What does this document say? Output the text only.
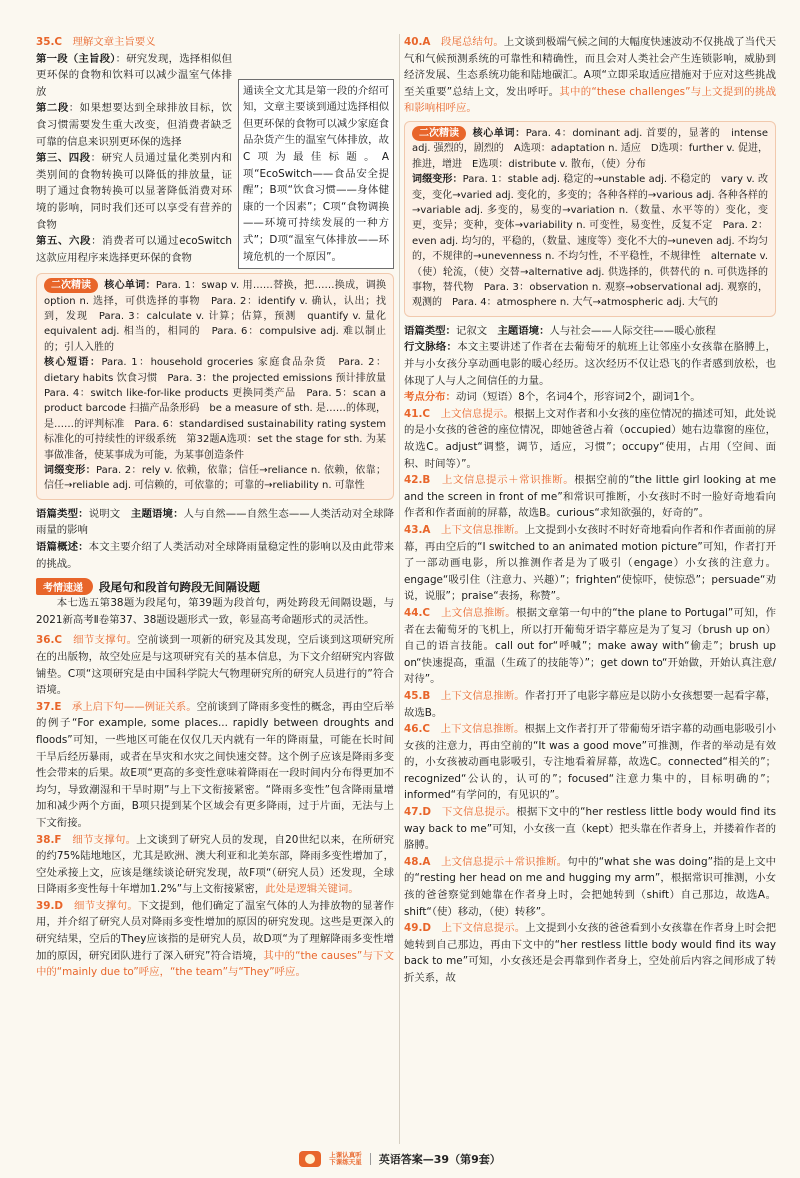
35.C　 理解文章主旨要义

第一段（主旨段）：研究发现，选择相似但更环保的食物和饮料可以减少温室气体排放

第二段：如果想要达到全球排放目标，饮食习惯需要发生重大改变，但消费者缺乏可靠的信息来识别更环保的选择

第三、四段：研究人员通过量化类别内和类别间的食物转换可以降低的排放量，证明了通过食物转换可以显著降低消费对环境的影响，同时我们还可以享受有营养的食物

第五、六段：消费者可以通过ecoSwitch这款应用程序来选择更环保的食物

通读全文尤其是第一段的介绍可知，文章主要谈到通过选择相似但更环保的食物可以减少家庭食品杂货产生的温室气体排放，故C项为最佳标题。A项“EcoSwitch——食品安全提醒”；B项“饮食习惯——身体健康的一个因素”；C项“食物调换——环境可持续发展的一种方式”；D项“温室气体排放——环境危机的一个原因”。

二次精读 核心单词：Para. 1：swap v. 用……替换，把……换成，调换　option n. 选择，可供选择的事物　Para. 2：identify v. 确认，认出；找到，发现　Para. 3：calculate v. 计算；估算，预测　quantify v. 量化　equivalent adj. 相当的，相同的　Para. 6：compulsive adj. 难以制止的；引人入胜的

核心短语：Para. 1：household groceries 家庭食品杂货　Para. 2：dietary habits 饮食习惯　Para. 3：the projected emissions 预计排放量　Para. 4：switch like-for-like products 更换同类产品　Para. 5：scan a product barcode 扫描产品条形码　be a measure of sth. 是……的体现，是……的评判标准　Para. 6：standardised sustainability rating system 标准化的可持续性的评级系统　第32题A选项：set the stage for sth. 为某事做准备，使某事成为可能，为某事创造条件

词缀变形：Para. 2：rely v. 依赖，依靠；信任→reliance n. 依赖，依靠；信任→reliable adj. 可信赖的，可依靠的；可靠的→reliability n. 可靠性

语篇类型：说明文　 主题语境：人与自然——自然生态——人类活动对全球降雨量的影响

语篇概述：本文主要介绍了人类活动对全球降雨量稳定性的影响以及由此带来的挑战。

考情速递	段尾句和段首句跨段无间隔设题

本七选五第38题为段尾句，第39题为段首句，两处跨段无间隔设题，与2021新高考Ⅱ卷第37、38题设题形式一致，彰显高考命题形式的灵活性。

36.C　 细节支撑句。空前谈到一项新的研究及其发现，空后谈到这项研究所在的出版物，故空处应是与这项研究有关的基本信息，为下文介绍研究内容做铺垫。C项“这项研究是由中国科学院大气物理研究所的研究人员进行的”符合语境。

37.E　 承上启下句——例证关系。空前谈到了降雨多变性的概念，再由空后举的例子“For example, some places... rapidly between droughts and floods”可知，一些地区可能在仅仅几天内就有一年的降雨量，可能在长时间干旱后经历暴雨，或者在旱灾和水灾之间快速交替。这个例子应该是降雨多变性会带来的后果。故E项“更高的多变性意味着降雨在一段时间内分布得更加不均匀，导致潮湿和干旱时期”与上下文衔接紧密。“降雨多变性”包含降雨量增加和减少两个方面，B项只提到某个区域会有更多降雨，过于片面，无法与上下文衔接。

38.F　 细节支撑句。上文谈到了研究人员的发现，自20世纪以来，在所研究的约75%陆地地区，尤其是欧洲、澳大利亚和北美东部，降雨多变性增加了，空处承接上文，应该是继续谈论研究发现，故F项“（研究人员）还发现，全球日降雨多变性每十年增加1.2%”与上文衔接紧密，此处是逻辑关键词。

39.D　 细节支撑句。下文提到，他们确定了温室气体的人为排放物的显著作用，并介绍了研究人员对降雨多变性增加的原因的研究发现。这些是更深入的研究结果，空后的They应该指的是研究人员，故D项“为了理解降雨多变性增加的原因，研究团队进行了深入研究”符合语境，其中的“the causes”与下文中的“mainly due to”呼应，“the team”与“They”呼应。

40.A　 段尾总结句。上文谈到极端气候之间的大幅度快速波动不仅挑战了当代天气和气候预测系统的可靠性和精确性，而且会对人类社会产生连锁影响，威胁到经济发展、生态系统功能和陆地碳汇。A项“立即采取适应措施对于应对这些挑战至关重要”总结上文，发出呼吁。其中的“these challenges”与上文提到的挑战和影响相呼应。

二次精读 核心单词：Para. 4：dominant adj. 首要的，显著的　intense adj. 强烈的，剧烈的　A选项：adaptation n. 适应　D选项：further v. 促进，推进，增进　E选项：distribute v. 散布，（使）分布

词缀变形：Para. 1：stable adj. 稳定的→unstable adj. 不稳定的　vary v. 改变，变化→varied adj. 变化的，多变的；各种各样的→various adj. 各种各样的→variable adj. 多变的，易变的→variation n.（数量、水平等的）变化，变更，变异；变种，变体→variability n. 可变性，易变性，反复不定　Para. 2：even adj. 均匀的，平稳的，（数量、速度等）变化不大的→uneven adj. 不均匀的，不规律的→unevenness n. 不均匀性，不平稳性，不规律性　alternate v.（使）轮流，（使）交替→alternative adj. 供选择的，供替代的 n. 可供选择的事物，替代物　Para. 3：observation n. 观察→observational adj. 观察的，观测的　Para. 4：atmosphere n. 大气→atmospheric adj. 大气的

语篇类型：记叙文　 主题语境：人与社会——人际交往——暖心旅程

行文脉络：本文主要讲述了作者在去葡萄牙的航班上让邻座小女孩靠在胳膊上，并与小女孩分享动画电影的暖心经历。这次经历不仅让恐飞的作者感到放松，也体现了人与人之间信任的力量。

考点分布：动词（短语）8个，名词4个，形容词2个，副词1个。

41.C　 上文信息提示。根据上文对作者和小女孩的座位情况的描述可知，此处说的是小女孩的爸爸的座位情况，即她爸爸占着（occupied）她右边靠窗的座位，故选C。adjust“调整，调节，适应，习惯”；occupy“使用，占用（空间、面积、时间等）”。

42.B　 上文信息提示＋常识推断。根据空前的“the little girl looking at me and the screen in front of me”和常识可推断，小女孩时不时一脸好奇地看向作者和作者面前的屏幕，故选B。curious“求知欲强的，好奇的”。

43.A　 上下文信息推断。上文提到小女孩时不时好奇地看向作者和作者面前的屏幕，再由空后的“I switched to an animated motion picture”可知，作者打开了一部动画电影，所以推测作者是为了吸引（engage）小女孩的注意力。engage“吸引住（注意力、兴趣）”；frighten“使惊吓，使惊恐”；persuade“劝说，说服”；praise“表扬，称赞”。

44.C　 上文信息推断。根据文章第一句中的“the plane to Portugal”可知，作者在去葡萄牙的飞机上，所以打开葡萄牙语字幕应是为了复习（brush up on）自己的语言技能。call out for“呼喊”；make away with“偷走”；brush up on“快速提高，重温（生疏了的技能等）”；get down to“开始做，开始认真注意/对待”。

45.B　 上下文信息推断。作者打开了电影字幕应是以防小女孩想要一起看字幕，故选B。

46.C　 上下文信息推断。根据上文作者打开了带葡萄牙语字幕的动画电影吸引小女孩的注意力，再由空前的“It was a good move”可推测，作者的举动是有效的，小女孩被动画电影吸引，专注地看着屏幕，故选C。connected“相关的”；recognized“公认的，认可的”；focused“注意力集中的，目标明确的”；informed“有学问的，有见识的”。

47.D　 下文信息提示。根据下文中的“her restless little body would find its way back to me”可知，小女孩一直（kept）把头靠在作者身上，并搂着作者的胳膊。

48.A　 上文信息提示＋常识推断。句中的“what she was doing”指的是上文中的“resting her head on me and hugging my arm”，根据常识可推测，小女孩的爸爸察觉到她靠在作者身上时，会把她转到（shift）自己那边，故选A。shift“（使）移动，（使）转移”。

49.D　 上下文信息提示。上文提到小女孩的爸爸看到小女孩靠在作者身上时会把她转到自己那边，再由下文中的“her restless little body would find its way back to me”可知，小女孩还是会再靠到作者身上，空处前后内容之间形成了转折关系，故

上课认真听
下课练天星 英语答案—39（第9套）
